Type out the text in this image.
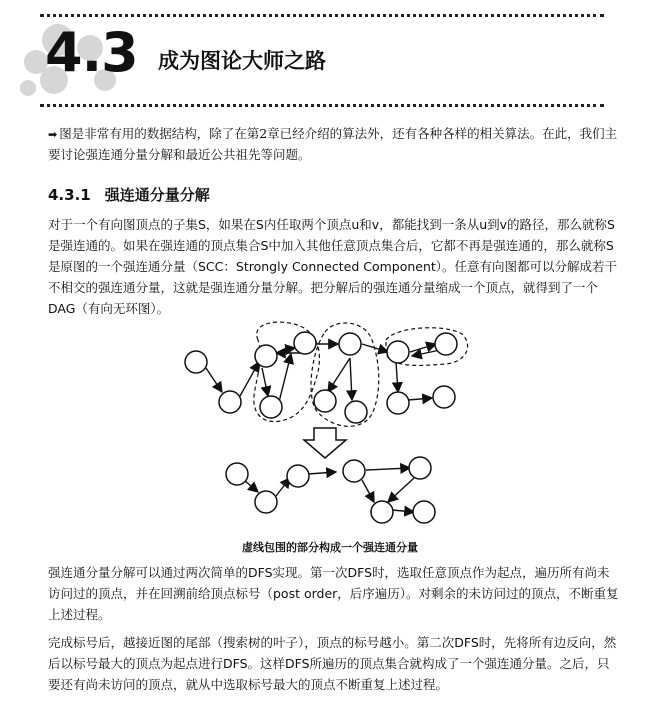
4.3 成为图论大师之路
➡ 图是非常有用的数据结构，除了在第2章已经介绍的算法外，还有各种各样的相关算法。在此，我们主要讨论强连通分量分解和最近公共祖先等问题。
4.3.1 强连通分量分解
对于一个有向图顶点的子集S，如果在S内任取两个顶点u和v，都能找到一条从u到v的路径，那么就称S是强连通的。如果在强连通的顶点集合S中加入其他任意顶点集合后，它都不再是强连通的，那么就称S是原图的一个强连通分量（SCC：Strongly Connected Component）。任意有向图都可以分解成若干不相交的强连通分量，这就是强连通分量分解。把分解后的强连通分量缩成一个顶点，就得到了一个DAG（有向无环图）。
虚线包围的部分构成一个强连通分量
强连通分量分解可以通过两次简单的DFS实现。第一次DFS时，选取任意顶点作为起点，遍历所有尚未访问过的顶点，并在回溯前给顶点标号（post order，后序遍历）。对剩余的未访问过的顶点，不断重复上述过程。
完成标号后，越接近图的尾部（搜索树的叶子），顶点的标号越小。第二次DFS时，先将所有边反向，然后以标号最大的顶点为起点进行DFS。这样DFS所遍历的顶点集合就构成了一个强连通分量。之后，只要还有尚未访问的顶点，就从中选取标号最大的顶点不断重复上述过程。
